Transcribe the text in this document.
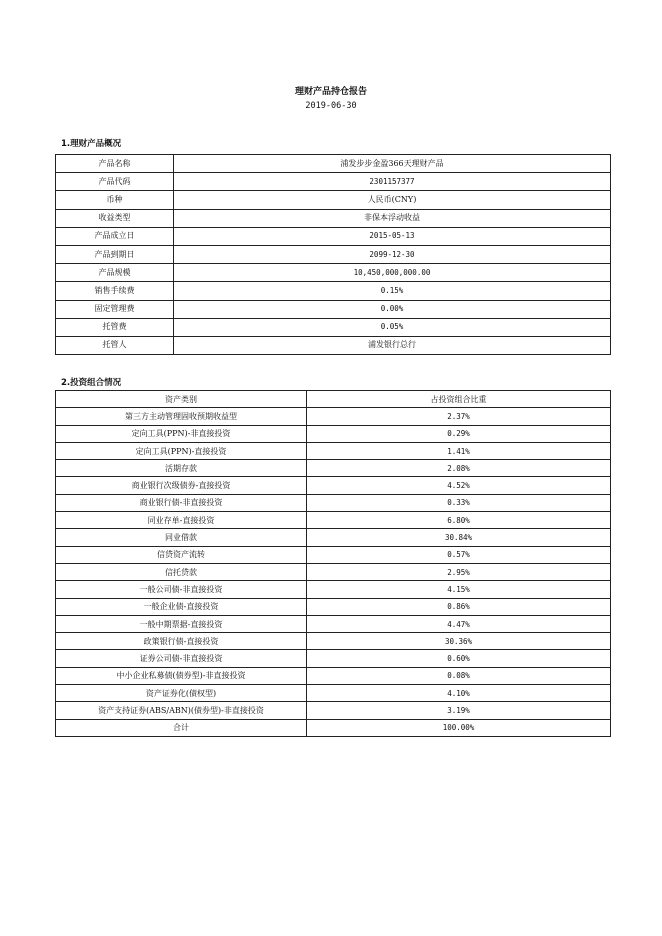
理财产品持仓报告
2019-06-30
1.理财产品概况
产品名称	浦发步步金盈366天理财产品
产品代码	2301157377
币种	人民币(CNY)
收益类型	非保本浮动收益
产品成立日	2015-05-13
产品到期日	2099-12-30
产品规模	10,450,000,000.00
销售手续费	0.15%
固定管理费	0.00%
托管费	0.05%
托管人	浦发银行总行
2.投资组合情况
资产类别	占投资组合比重
第三方主动管理固收预期收益型	2.37%
定向工具(PPN)-非直接投资	0.29%
定向工具(PPN)-直接投资	1.41%
活期存款	2.08%
商业银行次级债券-直接投资	4.52%
商业银行债-非直接投资	0.33%
同业存单-直接投资	6.80%
同业借款	30.84%
信贷资产流转	0.57%
信托贷款	2.95%
一般公司债-非直接投资	4.15%
一般企业债-直接投资	0.86%
一般中期票据-直接投资	4.47%
政策银行债-直接投资	30.36%
证券公司债-非直接投资	0.60%
中小企业私募债(债券型)-非直接投资	0.08%
资产证券化(债权型)	4.10%
资产支持证券(ABS/ABN)(债券型)-非直接投资	3.19%
合计	100.00%
